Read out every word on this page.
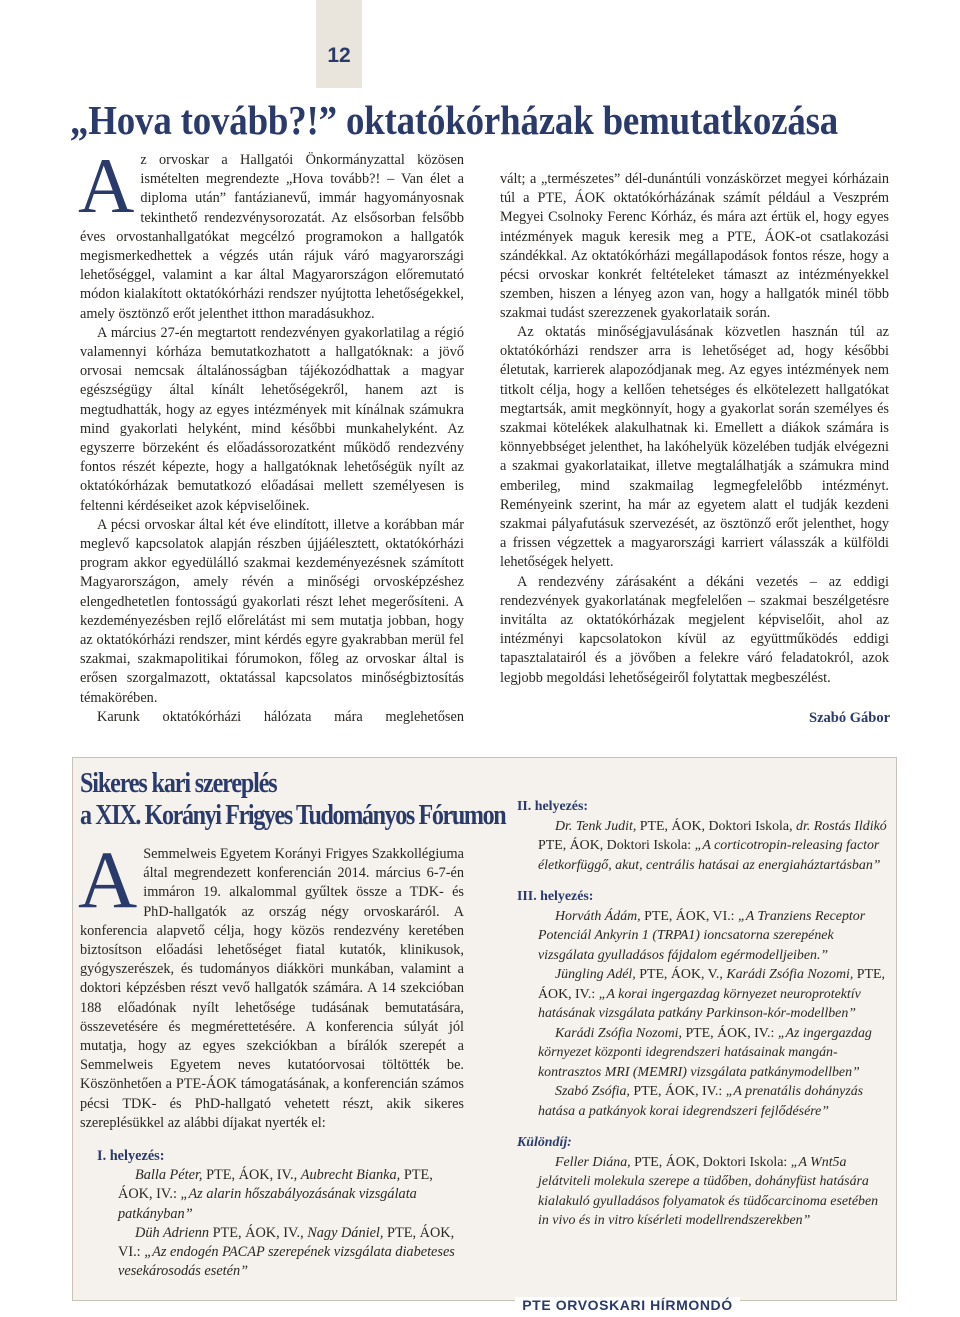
12
„Hova tovább?!” oktatókórházak bemutatkozása

Az orvoskar a Hallgatói Önkormányzattal közösen ismételten megrendezte „Hova tovább?! – Van élet a diploma után” fantázianevű, immár hagyományosnak tekinthető rendezvénysorozatát. Az elsősorban felsőbb éves orvostanhallgatókat megcélzó programokon a hallgatók megismerkedhettek a végzés után rájuk váró magyarországi lehetőséggel, valamint a kar által Magyarországon előremutató módon kialakított oktatókórházi rendszer nyújtotta lehetőségekkel, amely ösztönző erőt jelenthet itthon maradásukhoz.

A március 27-én megtartott rendezvényen gyakorlatilag a régió valamennyi kórháza bemutatkozhatott a hallgatóknak: a jövő orvosai nemcsak általánosságban tájékozódhattak a magyar egészségügy által kínált lehetőségekről, hanem azt is megtudhatták, hogy az egyes intézmények mit kínálnak számukra mind gyakorlati helyként, mind későbbi munkahelyként. Az egyszerre börzeként és előadássorozatként működő rendezvény fontos részét képezte, hogy a hallgatóknak lehetőségük nyílt az oktatókórházak bemutatkozó előadásai mellett személyesen is feltenni kérdéseiket azok képviselőinek.

A pécsi orvoskar által két éve elindított, illetve a korábban már meglevő kapcsolatok alapján részben újjáélesztett, oktatókórházi program akkor egyedülálló szakmai kezdeményezésnek számított Magyarországon, amely révén a minőségi orvosképzéshez elengedhetetlen fontosságú gyakorlati részt lehet megerősíteni. A kezdeményezésben rejlő előrelátást mi sem mutatja jobban, hogy az oktatókórházi rendszer, mint kérdés egyre gyakrabban merül fel szakmai, szakmapolitikai fórumokon, főleg az orvoskar által is erősen szorgalmazott, oktatással kapcsolatos minőségbiztosítás témakörében.

Karunk oktatókórházi hálózata mára meglehetősen

vált; a „természetes” dél-dunántúli vonzáskörzet megyei kórházain túl a PTE, ÁOK oktatókórházának számít például a Veszprém Megyei Csolnoky Ferenc Kórház, és mára azt értük el, hogy egyes intézmények maguk keresik meg a PTE, ÁOK-ot csatlakozási szándékkal. Az oktatókórházi megállapodások fontos része, hogy a pécsi orvoskar konkrét feltételeket támaszt az intézményekkel szemben, hiszen a lényeg azon van, hogy a hallgatók minél több szakmai tudást szerezzenek gyakorlataik során.

Az oktatás minőségjavulásának közvetlen hasznán túl az oktatókórházi rendszer arra is lehetőséget ad, hogy későbbi életutak, karrierek alapozódjanak meg. Az egyes intézmények nem titkolt célja, hogy a kellően tehetséges és elkötelezett hallgatókat megtartsák, amit megkönnyít, hogy a gyakorlat során személyes és szakmai kötelékek alakulhatnak ki. Emellett a diákok számára is könnyebbséget jelenthet, ha lakóhelyük közelében tudják elvégezni a szakmai gyakorlataikat, illetve megtalálhatják a számukra mind emberileg, mind szakmailag legmegfelelőbb intézményt. Reményeink szerint, ha már az egyetem alatt el tudják kezdeni szakmai pályafutásuk szervezését, az ösztönző erőt jelenthet, hogy a frissen végzettek a magyarországi karriert válasszák a külföldi lehetőségek helyett.

A rendezvény zárásaként a dékáni vezetés – az eddigi rendezvények gyakorlatának megfelelően – szakmai beszélgetésre invitálta az oktatókórházak megjelent képviselőit, ahol az intézményi kapcsolatokon kívül az együttműködés eddigi tapasztalatairól és a jövőben a felekre váró feladatokról, azok legjobb megoldási lehetőségeiről folytattak megbeszélést.

Szabó Gábor
Sikeres kari szereplés
a XIX. Korányi Frigyes Tudományos Fórumon

A Semmelweis Egyetem Korányi Frigyes Szakkollégiuma által megrendezett konferencián 2014. március 6-7-én immáron 19. alkalommal gyűltek össze a TDK- és PhD-hallgatók az ország négy orvoskaráról. A konferencia alapvető célja, hogy közös rendezvény keretében biztosítson előadási lehetőséget fiatal kutatók, klinikusok, gyógyszerészek, és tudományos diákköri munkában, valamint a doktori képzésben részt vevő hallgatók számára. A 14 szekcióban 188 előadónak nyílt lehetősége tudásának bemutatására, összevetésére és megmérettetésére. A konferencia súlyát jól mutatja, hogy az egyes szekciókban a bírálók szerepét a Semmelweis Egyetem neves kutatóorvosai töltötték be. Köszönhetően a PTE-ÁOK támogatásának, a konferencián számos pécsi TDK- és PhD-hallgató vehetett részt, akik sikeres szereplésükkel az alábbi díjakat nyerték el:

I. helyezés:

Balla Péter, PTE, ÁOK, IV., Aubrecht Bianka, PTE, ÁOK, IV.: „Az alarin hőszabályozásának vizsgálata patkányban”

Düh Adrienn PTE, ÁOK, IV., Nagy Dániel, PTE, ÁOK, VI.: „Az endogén PACAP szerepének vizsgálata diabeteses vesekárosodás esetén”

II. helyezés:

Dr. Tenk Judit, PTE, ÁOK, Doktori Iskola, dr. Rostás Ildikó PTE, ÁOK, Doktori Iskola: „A corticotropin-releasing factor életkorfüggő, akut, centrális hatásai az energiaháztartásban”

III. helyezés:

Horváth Ádám, PTE, ÁOK, VI.: „A Tranziens Receptor Potenciál Ankyrin 1 (TRPA1) ioncsatorna szerepének vizsgálata gyulladásos fájdalom egérmodelljeiben.”

Jüngling Adél, PTE, ÁOK, V., Karádi Zsófia Nozomi, PTE, ÁOK, IV.: „A korai ingergazdag környezet neuroprotektív hatásának vizsgálata patkány Parkinson-kór-modellben”

Karádi Zsófia Nozomi, PTE, ÁOK, IV.: „Az ingergazdag környezet központi idegrendszeri hatásainak mangán- kontrasztos MRI (MEMRI) vizsgálata patkánymodellben”

Szabó Zsófia, PTE, ÁOK, IV.: „A prenatális dohányzás hatása a patkányok korai idegrendszeri fejlődésére”

Különdíj:

Feller Diána, PTE, ÁOK, Doktori Iskola: „A Wnt5a jelátviteli molekula szerepe a tüdőben, dohányfüst hatására kialakuló gyulladásos folyamatok és tüdőcarcinoma esetében in vivo és in vitro kísérleti modellrendszerekben”

PTE ORVOSKARI HÍRMONDÓ
